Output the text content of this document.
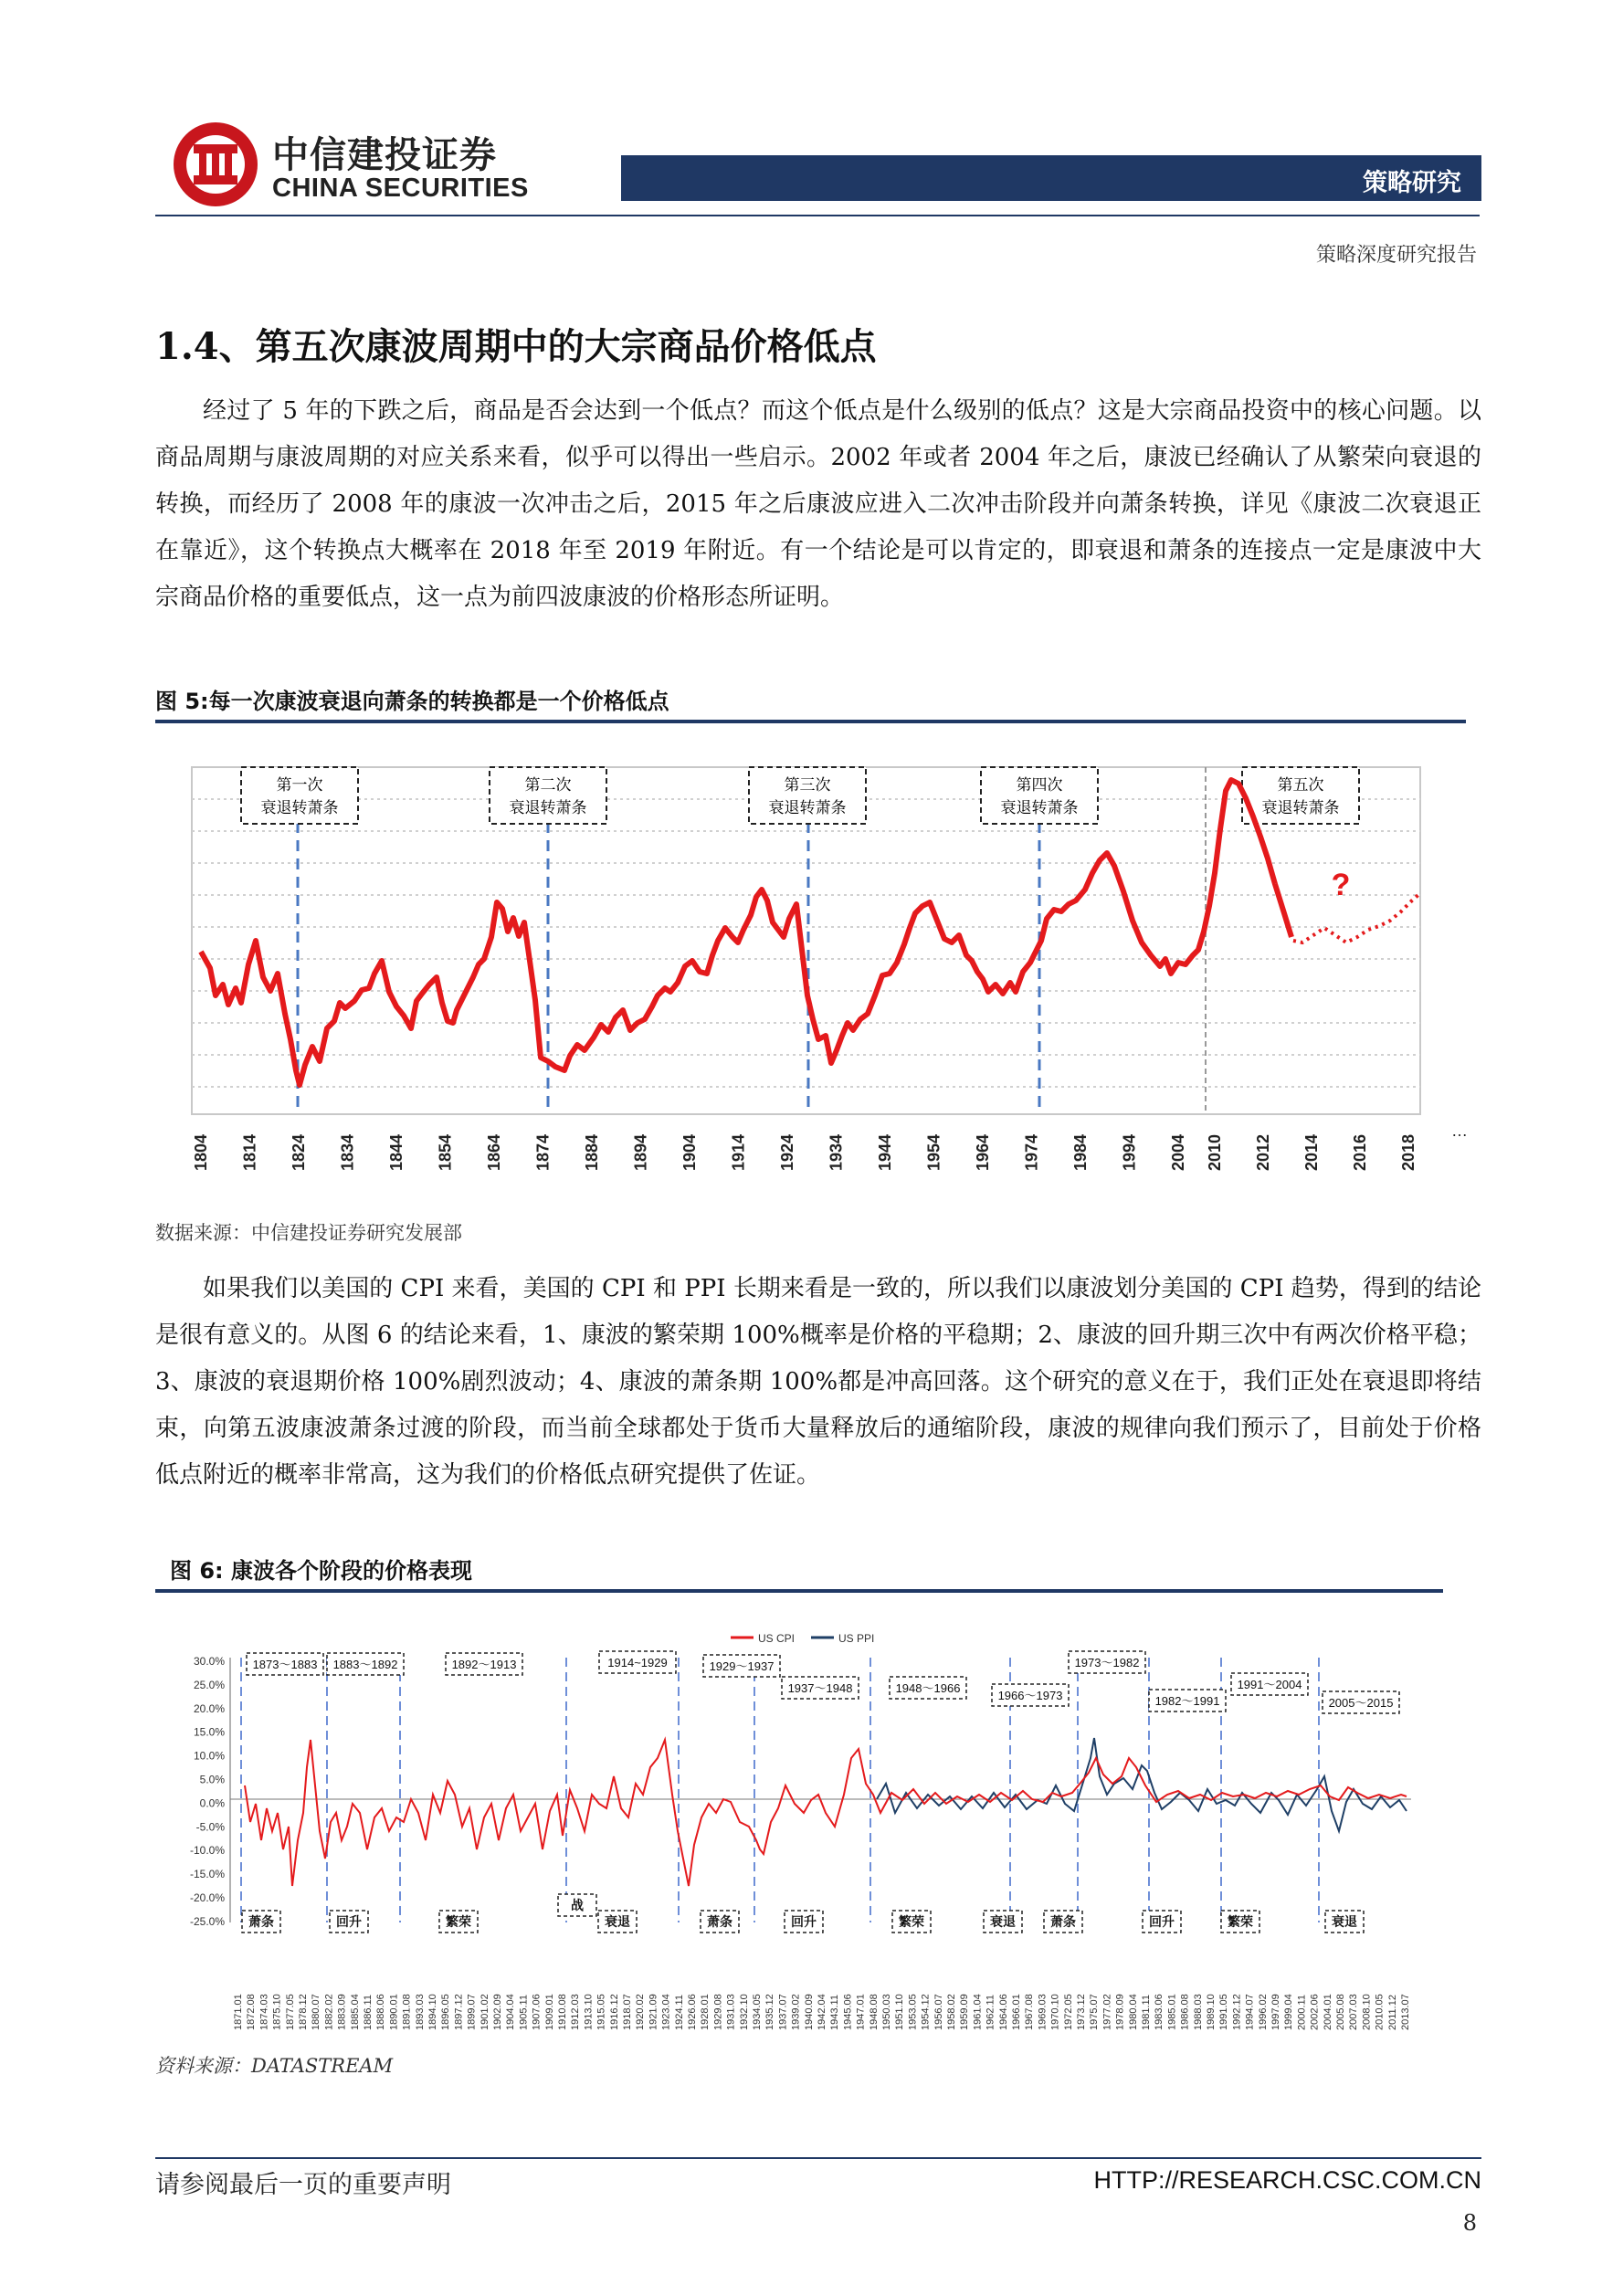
中信建投证券
CHINA SECURITIES	策略研究
策略深度研究报告
1.4、第五次康波周期中的大宗商品价格低点
经过了 5 年的下跌之后，商品是否会达到一个低点？而这个低点是什么级别的低点？这是大宗商品投资中的核心问题。以商品周期与康波周期的对应关系来看，似乎可以得出一些启示。2002 年或者 2004 年之后，康波已经确认了从繁荣向衰退的转换，而经历了 2008 年的康波一次冲击之后，2015 年之后康波应进入二次冲击阶段并向萧条转换，详见《康波二次衰退正在靠近》，这个转换点大概率在 2018 年至 2019 年附近。有一个结论是可以肯定的，即衰退和萧条的连接点一定是康波中大宗商品价格的重要低点，这一点为前四波康波的价格形态所证明。
图 5:每一次康波衰退向萧条的转换都是一个价格低点
第一次
衰退转萧条
第二次
衰退转萧条
第三次
衰退转萧条
第四次
衰退转萧条
第五次
衰退转萧条
?
1804 1814 1824 1834 1844 1854 1864 1874 1884 1894 1904 1914 1924 1934 1944 1954 1964 1974 1984 1994 2004 2010 2012 2014 2016 2018
…
数据来源：中信建投证券研究发展部
如果我们以美国的 CPI 来看，美国的 CPI 和 PPI 长期来看是一致的，所以我们以康波划分美国的 CPI 趋势，得到的结论是很有意义的。从图 6 的结论来看，1、康波的繁荣期 100%概率是价格的平稳期；2、康波的回升期三次中有两次价格平稳；3、康波的衰退期价格 100%剧烈波动；4、康波的萧条期 100%都是冲高回落。这个研究的意义在于，我们正处在衰退即将结束，向第五波康波萧条过渡的阶段，而当前全球都处于货币大量释放后的通缩阶段，康波的规律向我们预示了，目前处于价格低点附近的概率非常高，这为我们的价格低点研究提供了佐证。
图 6: 康波各个阶段的价格表现
US CPI	US PPI
30.0%
25.0%
20.0%
15.0%
10.0%
5.0%
0.0%
-5.0%
-10.0%
-15.0%
-20.0%
-25.0%
1873～1883 1883～1892	1892～1913	1914~1929	1929～1937
1937～1948	1948～1966
1966～1973
1973～1982
1982～1991
1991～2004
2005～2015
萧条	回升	繁荣
战
衰退	萧条	回升	繁荣	衰退	萧条	回升	繁荣	衰退
1871.01 1872.08 1874.03 1875.10 1877.05 1878.12 1880.07 1882.02 1883.09 1885.04 1886.11 1888.06 1890.01 1891.08 1893.03 1894.10 1896.05 1897.12 1899.07 1901.02 1902.09 1904.04 1905.11 1907.06 1909.01 1910.08 1912.03 1913.10 1915.05 1916.12 1918.07 1920.02 1921.09 1923.04 1924.11 1926.06 1928.01 1929.08 1931.03 1932.10 1934.05 1935.12 1937.07 1939.02 1940.09 1942.04 1943.11 1945.06 1947.01 1948.08 1950.03 1951.10 1953.05 1954.12 1956.07 1958.02 1959.09 1961.04 1962.11 1964.06 1966.01 1967.08 1969.03 1970.10 1972.05 1973.12 1975.07 1977.02 1978.09 1980.04 1981.11 1983.06 1985.01 1986.08 1988.03 1989.10 1991.05 1992.12 1994.07 1996.02 1997.09 1999.04 2000.11 2002.06 2004.01 2005.08 2007.03 2008.10 2010.05 2011.12 2013.07
资料来源：DATASTREAM
请参阅最后一页的重要声明	HTTP://RESEARCH.CSC.COM.CN
8
